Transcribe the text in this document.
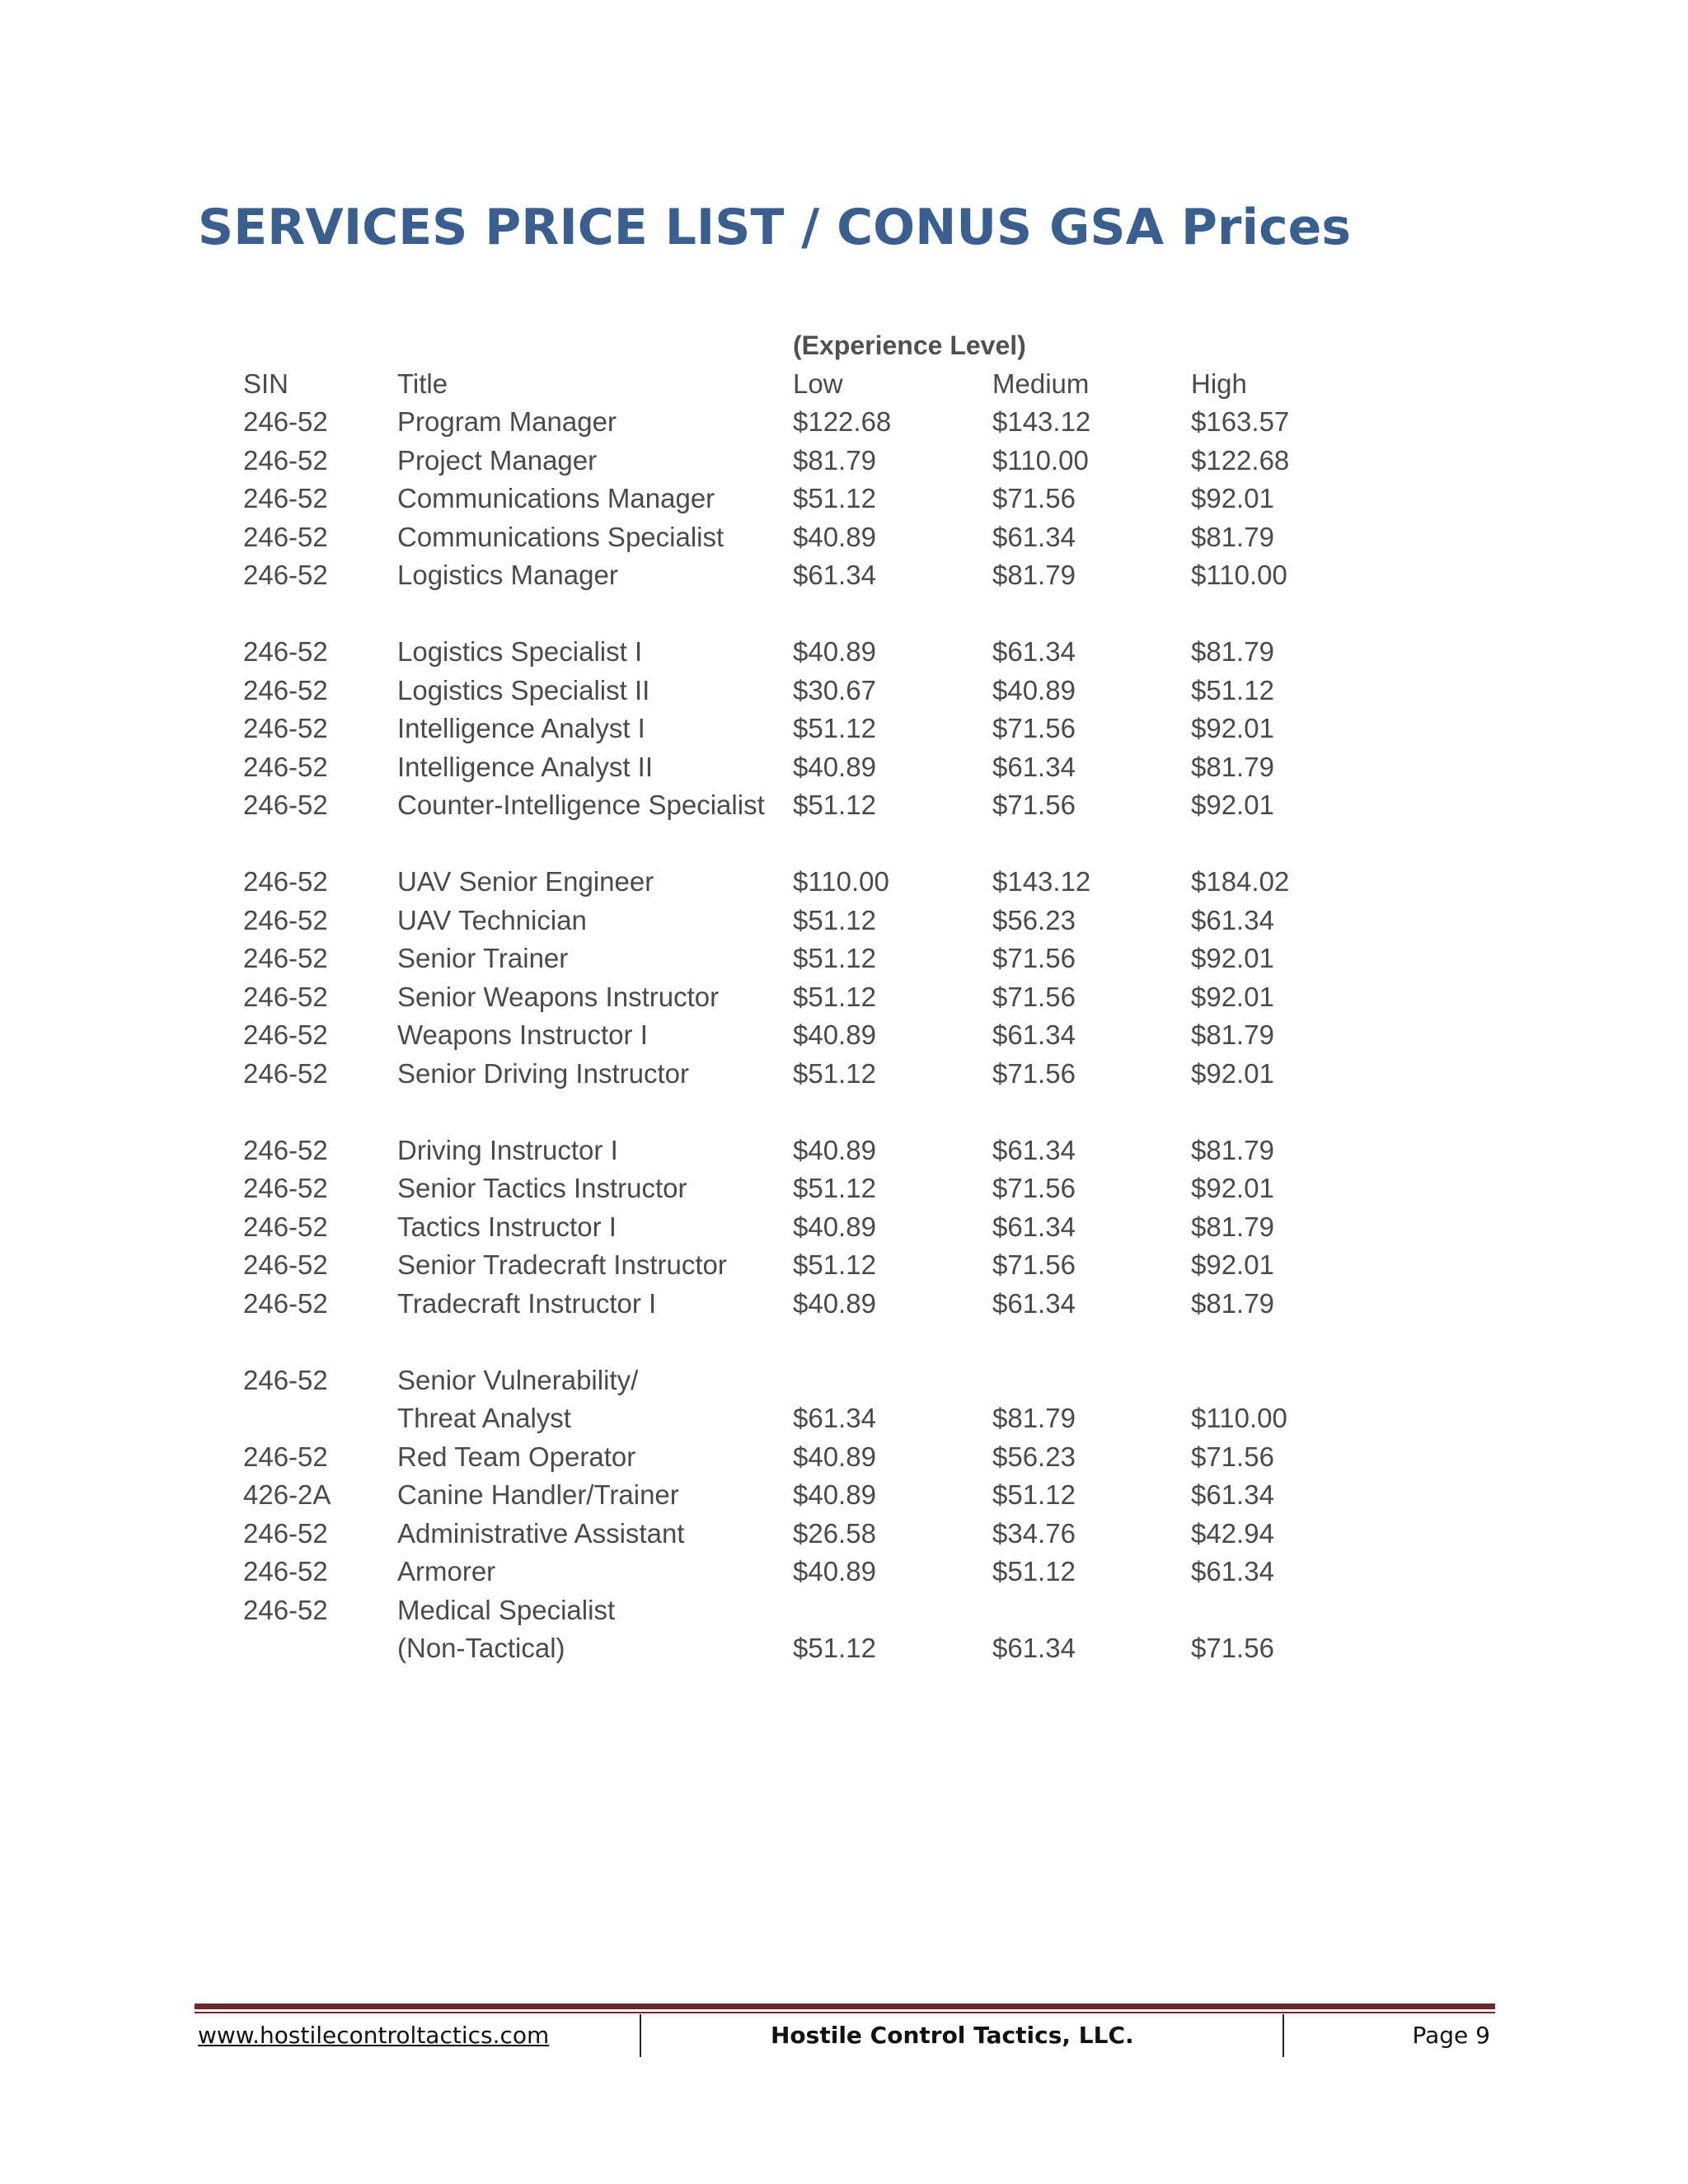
SERVICES PRICE LIST / CONUS GSA Prices
(Experience Level)
SIN	Title	Low	Medium	High
246-52	Program Manager	$122.68	$143.12	$163.57
246-52	Project Manager	$81.79	$110.00	$122.68
246-52	Communications Manager	$51.12	$71.56	$92.01
246-52	Communications Specialist	$40.89	$61.34	$81.79
246-52	Logistics Manager	$61.34	$81.79	$110.00
246-52	Logistics Specialist I	$40.89	$61.34	$81.79
246-52	Logistics Specialist II	$30.67	$40.89	$51.12
246-52	Intelligence Analyst I	$51.12	$71.56	$92.01
246-52	Intelligence Analyst II	$40.89	$61.34	$81.79
246-52	Counter-Intelligence Specialist $51.12	$71.56	$92.01
246-52	UAV Senior Engineer	$110.00	$143.12	$184.02
246-52	UAV Technician	$51.12	$56.23	$61.34
246-52	Senior Trainer	$51.12	$71.56	$92.01
246-52	Senior Weapons Instructor	$51.12	$71.56	$92.01
246-52	Weapons Instructor I	$40.89	$61.34	$81.79
246-52	Senior Driving Instructor	$51.12	$71.56	$92.01
246-52	Driving Instructor I	$40.89	$61.34	$81.79
246-52	Senior Tactics Instructor	$51.12	$71.56	$92.01
246-52	Tactics Instructor I	$40.89	$61.34	$81.79
246-52	Senior Tradecraft Instructor $51.12	$71.56	$92.01
246-52	Tradecraft Instructor I	$40.89	$61.34	$81.79
246-52	Senior Vulnerability/
Threat Analyst	$61.34	$81.79	$110.00
246-52	Red Team Operator	$40.89	$56.23	$71.56
426-2A Canine Handler/Trainer	$40.89	$51.12	$61.34
246-52	Administrative Assistant	$26.58	$34.76	$42.94
246-52	Armorer	$40.89	$51.12	$61.34
246-52	Medical Specialist
(Non-Tactical)	$51.12	$61.34	$71.56
www.hostilecontroltactics.com	Hostile Control Tactics, LLC.	Page 9
